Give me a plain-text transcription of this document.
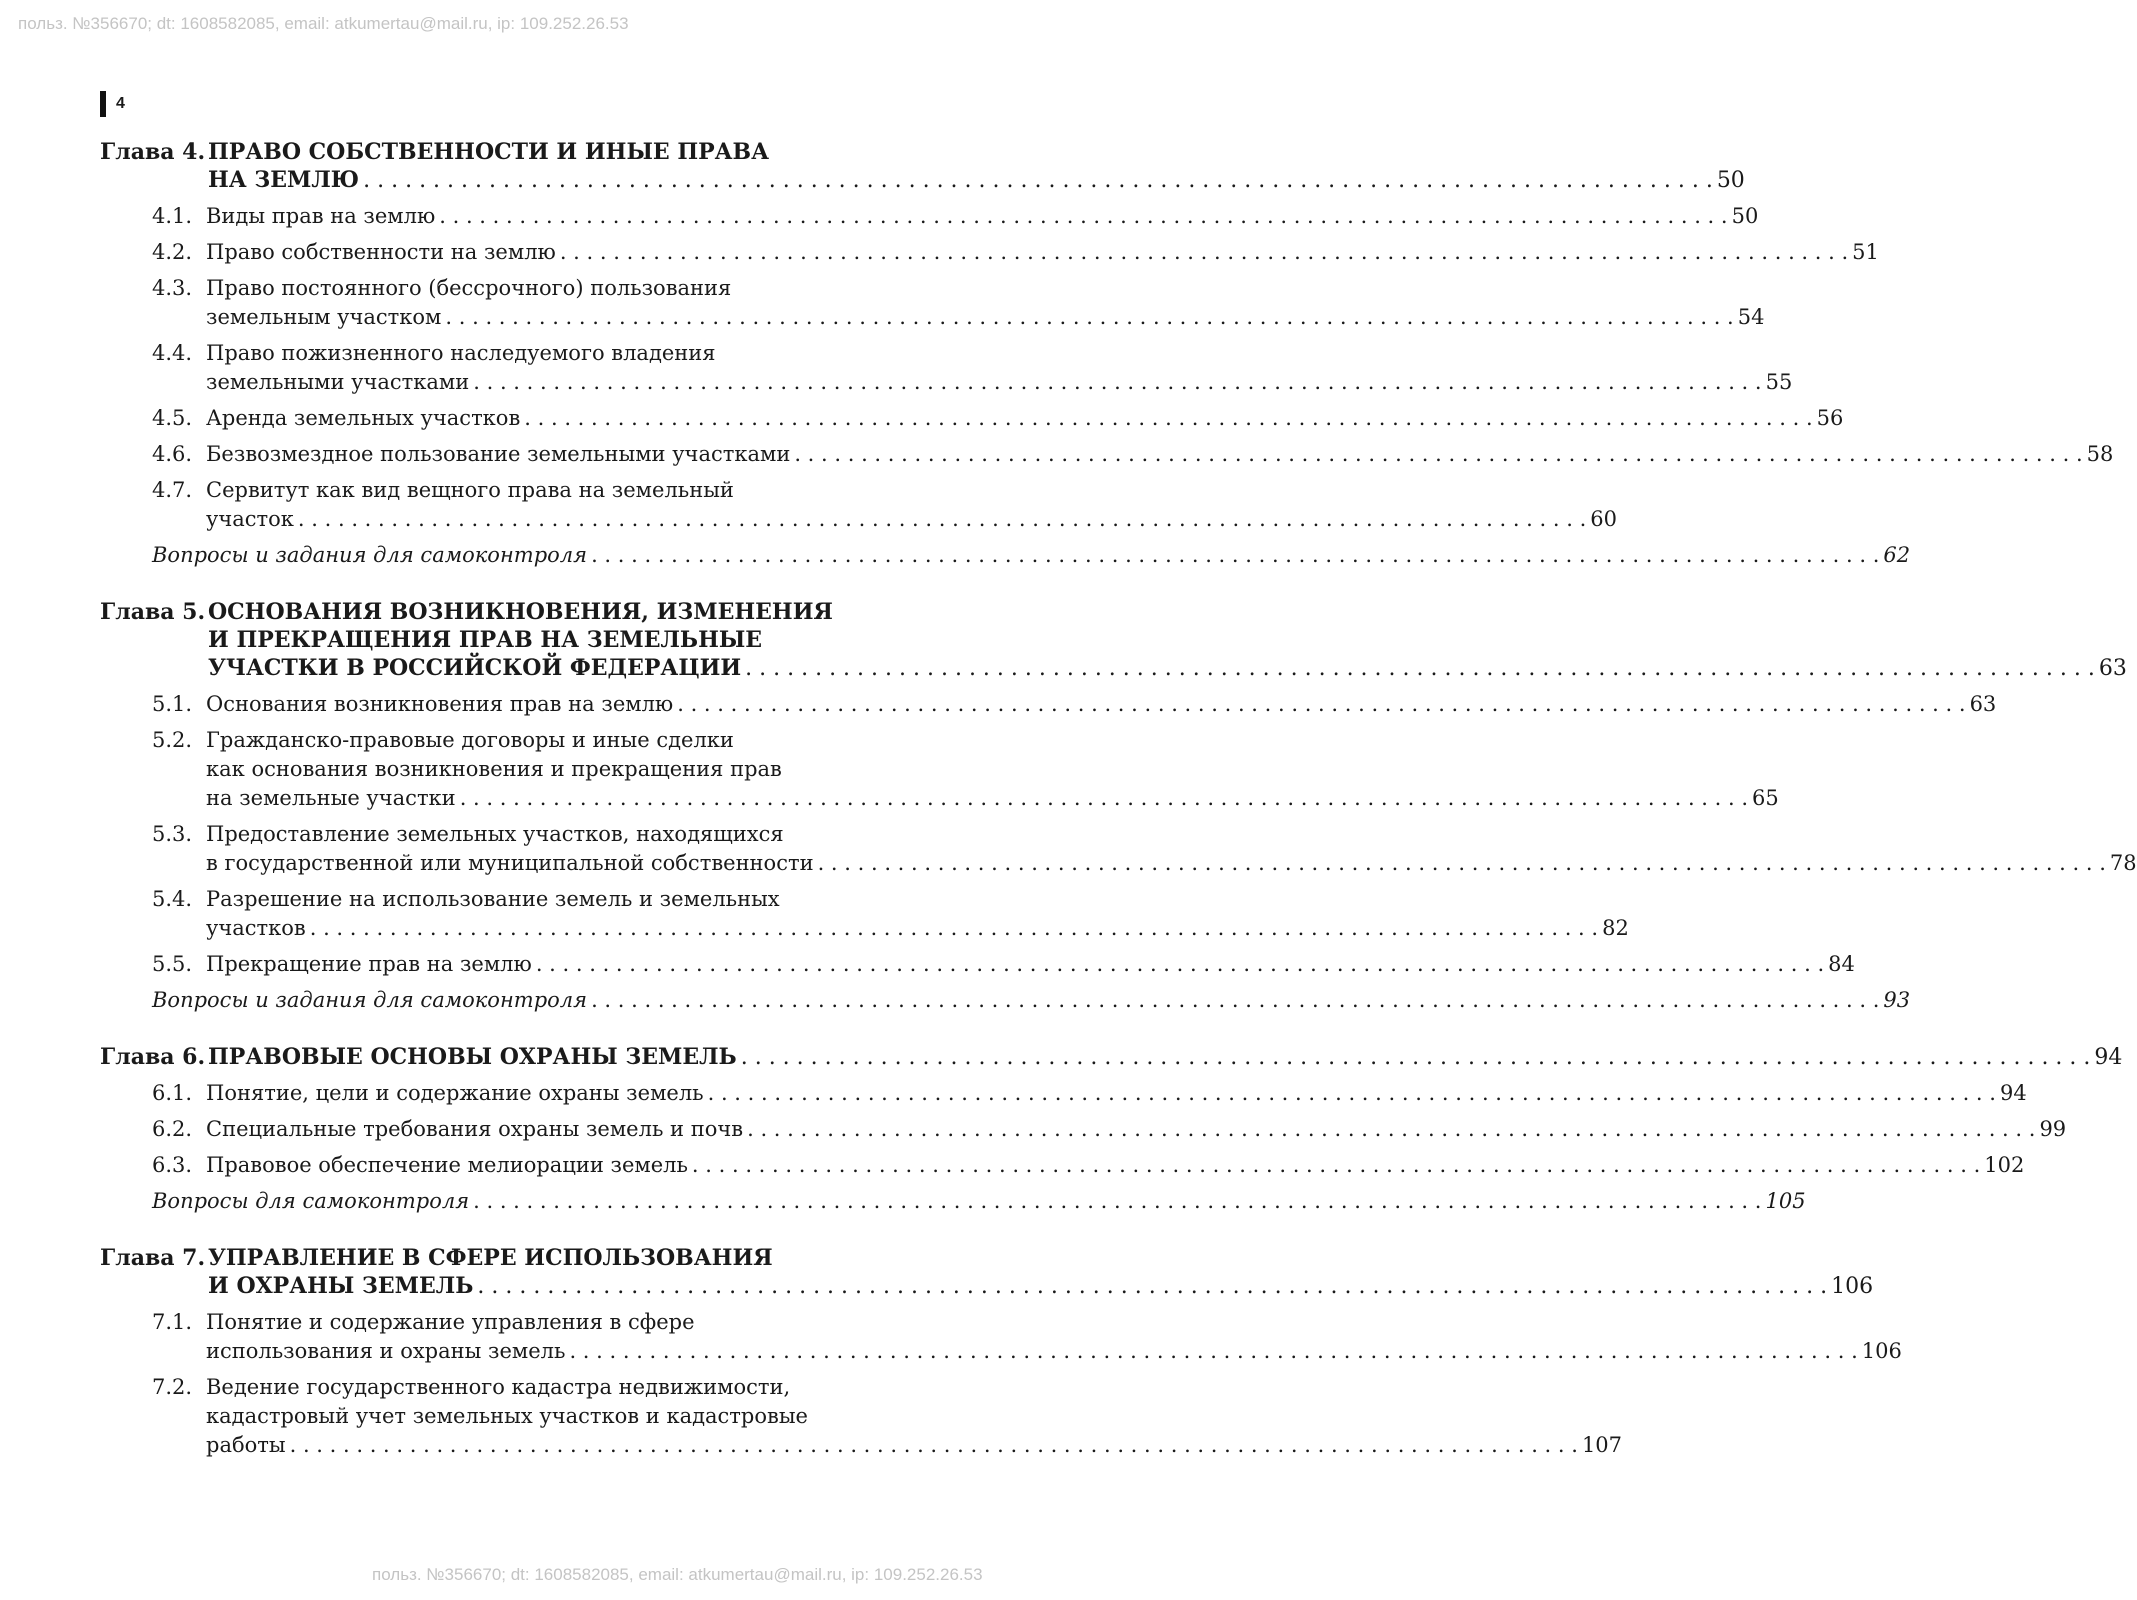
польз. №356670; dt: 1608582085, email: atkumertau@mail.ru, ip: 109.252.26.53
4
Глава 4. ПРАВО СОБСТВЕННОСТИ И ИНЫЕ ПРАВА
НА ЗЕМЛЮ . . .	50
4.1. Виды прав на землю . . .	50
4.2. Право собственности на землю . . .	51
4.3. Право постоянного (бессрочного) пользования
земельным участком . . .	54
4.4. Право пожизненного наследуемого владения
земельными участками . . .	55
4.5. Аренда земельных участков . . .	56
4.6. Безвозмездное пользование земельными участками . . .	58
4.7. Сервитут как вид вещного права на земельный
участок . . .	60
Вопросы и задания для самоконтроля . . .	62
Глава 5. ОСНОВАНИЯ ВОЗНИКНОВЕНИЯ, ИЗМЕНЕНИЯ
И ПРЕКРАЩЕНИЯ ПРАВ НА ЗЕМЕЛЬНЫЕ
УЧАСТКИ В РОССИЙСКОЙ ФЕДЕРАЦИИ . . .	63
5.1. Основания возникновения прав на землю . . .	63
5.2. Гражданско-правовые договоры и иные сделки
как основания возникновения и прекращения прав
на земельные участки . . .	65
5.3. Предоставление земельных участков, находящихся
в государственной или муниципальной собственности . . .	78
5.4. Разрешение на использование земель и земельных
участков . . .	82
5.5. Прекращение прав на землю . . .	84
Вопросы и задания для самоконтроля . . .	93
Глава 6. ПРАВОВЫЕ ОСНОВЫ ОХРАНЫ ЗЕМЕЛЬ . . .	94
6.1. Понятие, цели и содержание охраны земель . . .	94
6.2. Специальные требования охраны земель и почв . . .	99
6.3. Правовое обеспечение мелиорации земель . . .	102
Вопросы для самоконтроля . . .	105
Глава 7. УПРАВЛЕНИЕ В СФЕРЕ ИСПОЛЬЗОВАНИЯ
И ОХРАНЫ ЗЕМЕЛЬ . . .	106
7.1. Понятие и содержание управления в сфере
использования и охраны земель . . .	106
7.2. Ведение государственного кадастра недвижимости,
кадастровый учет земельных участков и кадастровые
работы . . .	107
польз. №356670; dt: 1608582085, email: atkumertau@mail.ru, ip: 109.252.26.53
